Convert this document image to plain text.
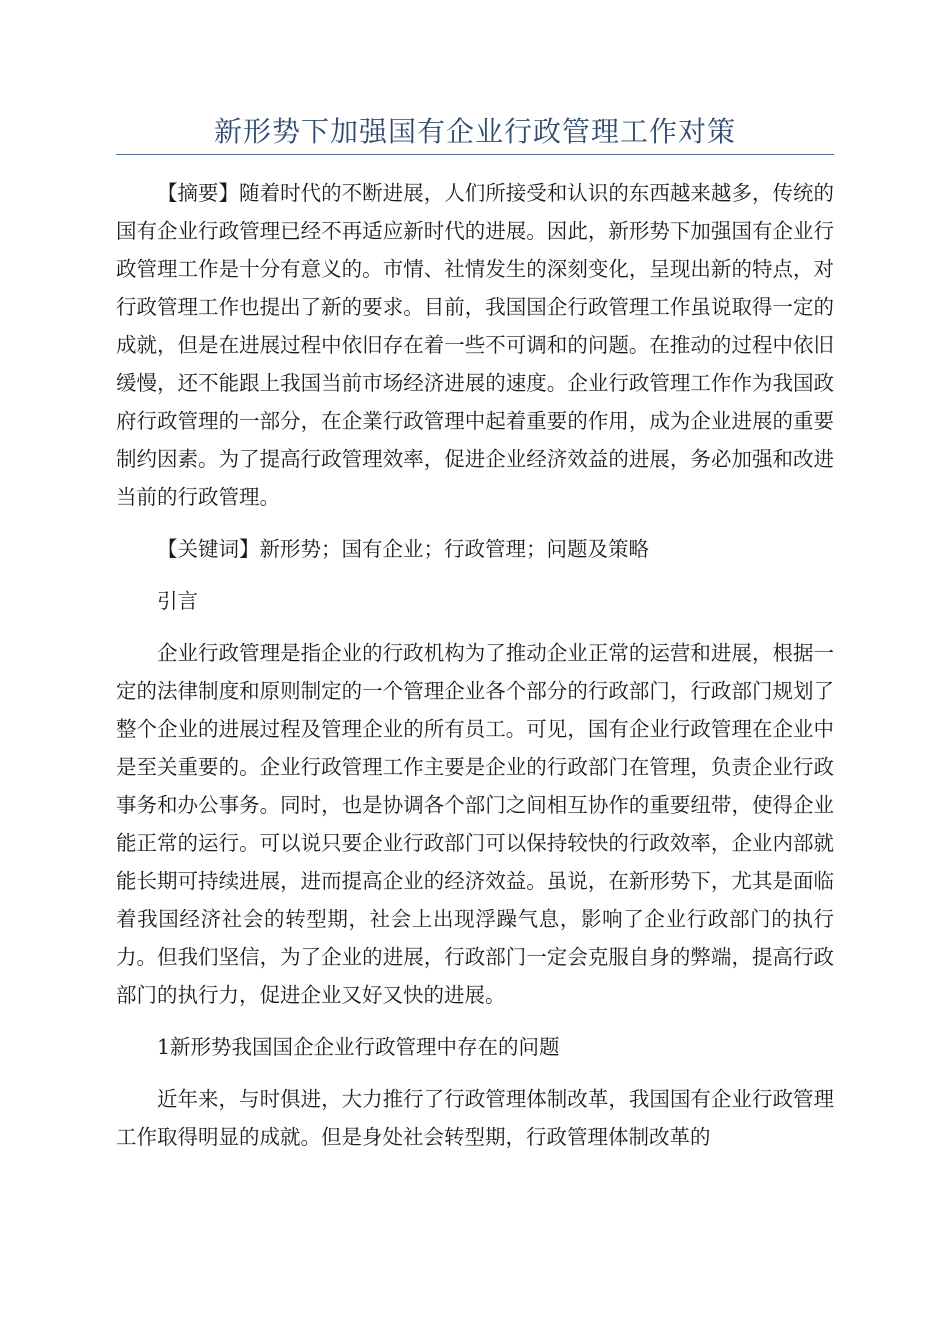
新形势下加强国有企业行政管理工作对策

【摘要】随着时代的不断进展，人们所接受和认识的东西越来越多，传统的国有企业行政管理已经不再适应新时代的进展。因此，新形势下加强国有企业行政管理工作是十分有意义的。市情、社情发生的深刻变化，呈现出新的特点，对行政管理工作也提出了新的要求。目前，我国国企行政管理工作虽说取得一定的成就，但是在进展过程中依旧存在着一些不可调和的问题。在推动的过程中依旧缓慢，还不能跟上我国当前市场经济进展的速度。企业行政管理工作作为我国政府行政管理的一部分，在企業行政管理中起着重要的作用，成为企业进展的重要制约因素。为了提高行政管理效率，促进企业经济效益的进展，务必加强和改进当前的行政管理。

【关键词】新形势；国有企业；行政管理；问题及策略

引言

企业行政管理是指企业的行政机构为了推动企业正常的运营和进展，根据一定的法律制度和原则制定的一个管理企业各个部分的行政部门，行政部门规划了整个企业的进展过程及管理企业的所有员工。可见，国有企业行政管理在企业中是至关重要的。企业行政管理工作主要是企业的行政部门在管理，负责企业行政事务和办公事务。同时，也是协调各个部门之间相互协作的重要纽带，使得企业能正常的运行。可以说只要企业行政部门可以保持较快的行政效率，企业内部就能长期可持续进展，进而提高企业的经济效益。虽说，在新形势下，尤其是面临着我国经济社会的转型期，社会上出现浮躁气息，影响了企业行政部门的执行力。但我们坚信，为了企业的进展，行政部门一定会克服自身的弊端，提高行政部门的执行力，促进企业又好又快的进展。

1新形势我国国企企业行政管理中存在的问题

近年来，与时俱进，大力推行了行政管理体制改革，我国国有企业行政管理工作取得明显的成就。但是身处社会转型期，行政管理体制改革的
